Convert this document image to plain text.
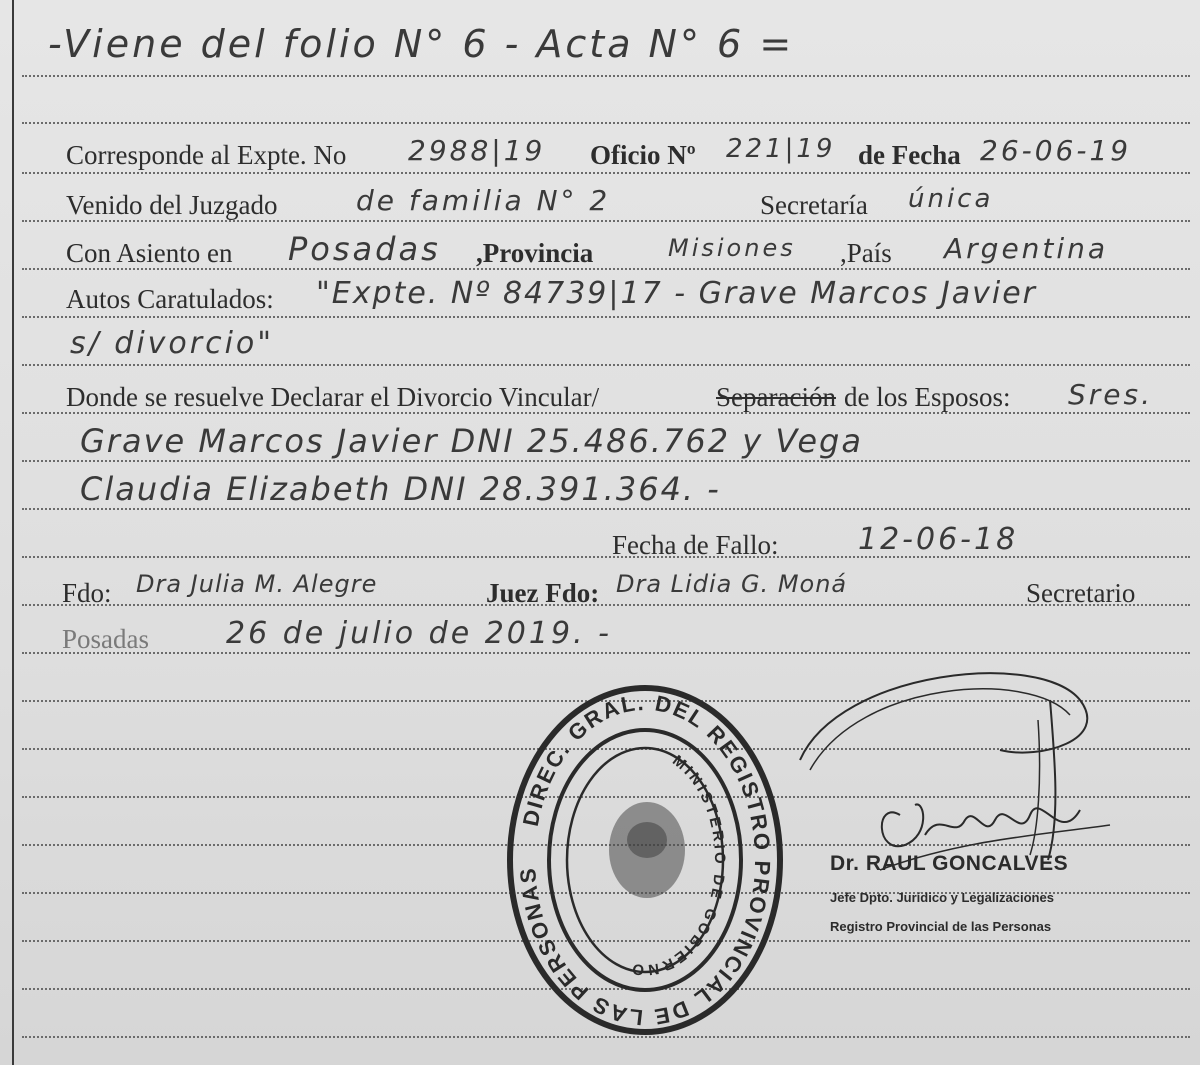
-Viene del folio N° 6 - Acta N° 6 =
Corresponde al Expte. No 2988|19 Oficio Nº 221|19 de Fecha 26-06-19
Venido del Juzgado	de familia N° 2	Secretaría única
Con Asiento en Posadas ,Provincia	Misiones ,País Argentina
Autos Caratulados: "Expte. Nº 84739|17 - Grave Marcos Javier
s/ divorcio"
Donde se resuelve Declarar el Divorcio Vincular/	Separación de los Esposos: Sres.
Grave Marcos Javier DNI 25.486.762 y Vega
Claudia Elizabeth DNI 28.391.364. -
Fecha de Fallo:	12-06-18
Fdo: Dra Julia M. Alegre	Juez Fdo: Dra Lidia G. Moná	Secretario
Posadas	26 de julio de 2019. -
DIREC. GRAL. DEL REGISTRO PROVINCIAL DE LAS PERSONAS
MINISTERIO DE GOBIERNO
Dr. RAUL GONCALVES
Jefe Dpto. Jurídico y Legalizaciones
Registro Provincial de las Personas
